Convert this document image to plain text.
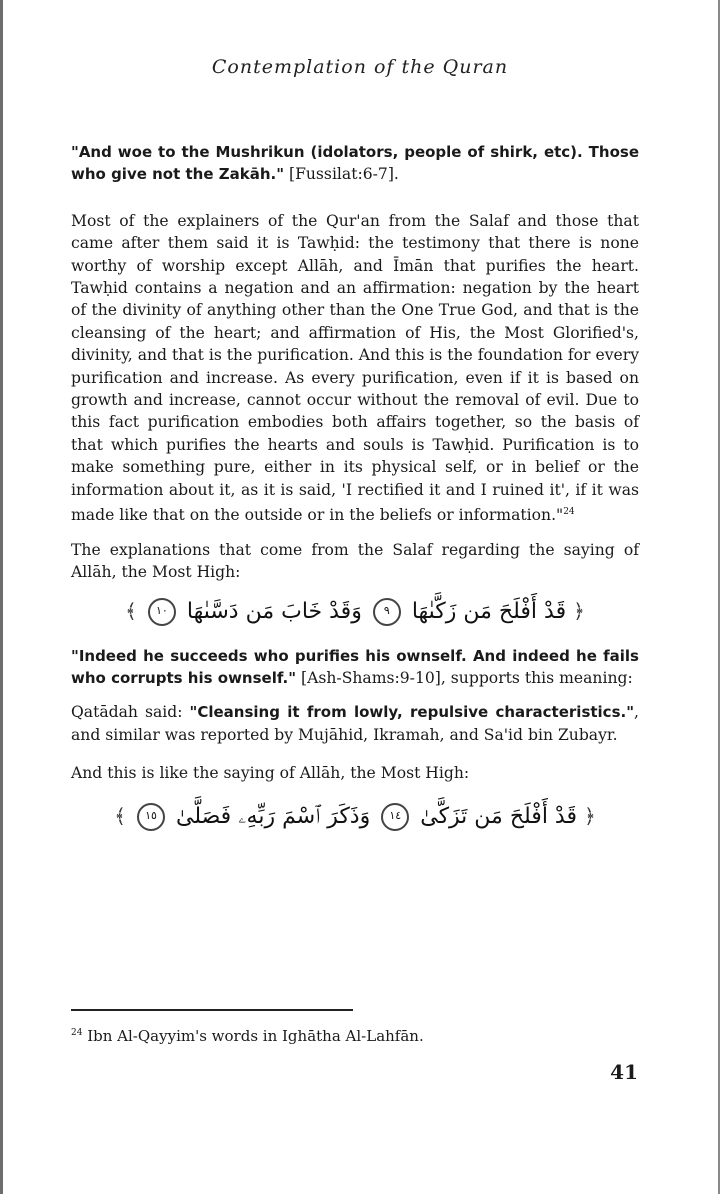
Contemplation of the Quran

"And woe to the Mushrikun (idolators, people of shirk, etc). Those who give not the Zakāh." [Fussilat:6-7].

Most of the explainers of the Qur'an from the Salaf and those that came after them said it is Tawḥid: the testimony that there is none worthy of worship except Allāh, and Īmān that purifies the heart. Tawḥid contains a negation and an affirmation: negation by the heart of the divinity of anything other than the One True God, and that is the cleansing of the heart; and affirmation of His, the Most Glorified's, divinity, and that is the purification. And this is the foundation for every purification and increase. As every purification, even if it is based on growth and increase, cannot occur without the removal of evil. Due to this fact purification embodies both affairs together, so the basis of that which purifies the hearts and souls is Tawḥid. Purification is to make something pure, either in its physical self, or in belief or the information about it, as it is said, 'I rectified it and I ruined it', if it was made like that on the outside or in the beliefs or information."$^{24}$

The explanations that come from the Salaf regarding the saying of Allāh, the Most High:

﴿ قَدْ أَفْلَحَ مَن زَكَّىٰهَا ٩ وَقَدْ خَابَ مَن دَسَّىٰهَا ١٠ ﴾

"Indeed he succeeds who purifies his ownself. And indeed he fails who corrupts his ownself." [Ash-Shams:9-10], supports this meaning:

Qatādah said: "Cleansing it from lowly, repulsive characteristics.", and similar was reported by Mujāhid, Ikramah, and Sa'id bin Zubayr.

And this is like the saying of Allāh, the Most High:

﴿ قَدْ أَفْلَحَ مَن تَزَكَّىٰ ١٤ وَذَكَرَ ٱسْمَ رَبِّهِۦ فَصَلَّىٰ ١٥ ﴾
$^{24}$ Ibn Al-Qayyim's words in Ighātha Al-Lahfān.
41
